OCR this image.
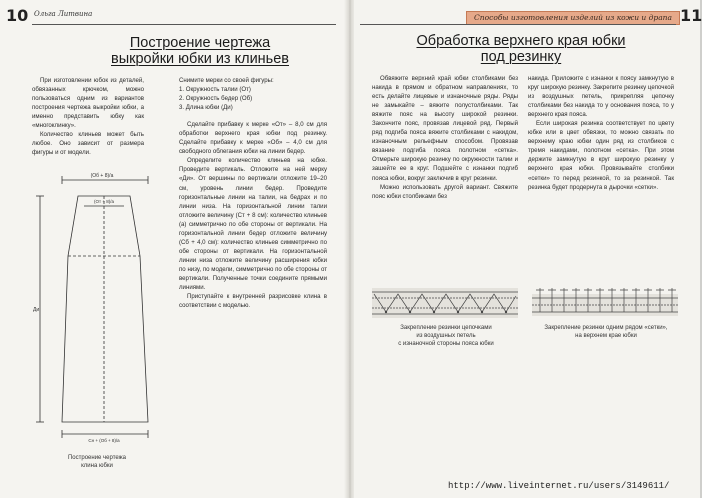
10 Ольга Литвина
Построение чертежа
выкройки юбки из клиньев

При изготовлении юбок из деталей, обвязанных крючком, можно пользоваться одним из вариантов построения чертежа выкройки юбки, а именно представить юбку как «многоклинку».

Количество клиньев может быть любое. Оно зависит от размера фигуры и от модели.

Снимите мерки со своей фигуры:

1. Окружность талии (От)

2. Окружность бедер (Об)

3. Длина юбки (Ди)

Сделайте прибавку к мерке «От» – 8,0 см для обработки верхнего края юбки под резинку. Сделайте прибавку к мерке «Об» – 4,0 см для свободного облегания юбки на линии бедер.

Определите количество клиньев на юбке. Проведите вертикаль. Отложите на ней мерку «Ди». От вершины по вертикали отложите 19–20 см, уровень линии бедер. Проведите горизонтальные линии на талии, на бедрах и по линии низа. На горизонтальной линии талии отложите величину (Ст + 8 см): количество клиньев (а) симметрично по обе стороны от вертикали. На горизонтальной линии бедер отложите величину (Сб + 4,0 см): количество клиньев симметрично по обе стороны от вертикали. На горизонтальной линии низа отложите величину расширения юбки по низу, по модели, симметрично по обе стороны от вертикали. Полученные точки соедините прямыми линиями.

Приступайте к внутренней разрисовке клина в соответствии с моделью.

(Об + 8)/а
(От + 8)/а
Ди
Сн + (Об + 8)/а
Построение чертежа
клина юбки
Способы изготовления изделий из кожи и драпа 11
Обработка верхнего края юбки
под резинку

Обвяжите верхний край юбки столбиками без накида в прямом и обратном направлениях, то есть делайте лицевые и изнаночные ряды. Ряды не замыкайте – вяжите полустолбиками. Так вяжите пояс на высоту широкой резинки. Закончите пояс, провязав лицевой ряд. Первый ряд подгиба пояса вяжите столбиками с накидом, изнаночным рельефным способом. Провязав вязание подгиба пояса полотном «сетка». Отмерьте широкую резинку по окружности талии и зашейте ее в круг. Подшейте с изнанки подгиб пояса юбки, вокруг заключив в круг резинки.

Можно использовать другой вариант. Свяжите пояс юбки столбиками без

накида. Приложите с изнанки к поясу замкнутую в круг широкую резинку. Закрепите резинку цепочкой из воздушных петель, прикрепляя цепочку столбиками без накида то у основания пояса, то у верхнего края пояса.

Если широкая резинка соответствует по цвету юбке или в цвет обвязки, то можно связать по верхнему краю юбки один ряд из столбиков с тремя накидами, полотном «сетка». При этом держите замкнутую в круг широкую резинку у верхнего края юбки. Провязывайте столбики «сетки» то перед резинкой, то за резинкой. Так резинка будет продернута в дырочки «сетки».

Закрепление резинки цепочками
из воздушных петель
с изнаночной стороны пояса юбки
Закрепление резинки одним рядом «сетки»,
на верхнем крае юбки
http://www.liveinternet.ru/users/3149611/
